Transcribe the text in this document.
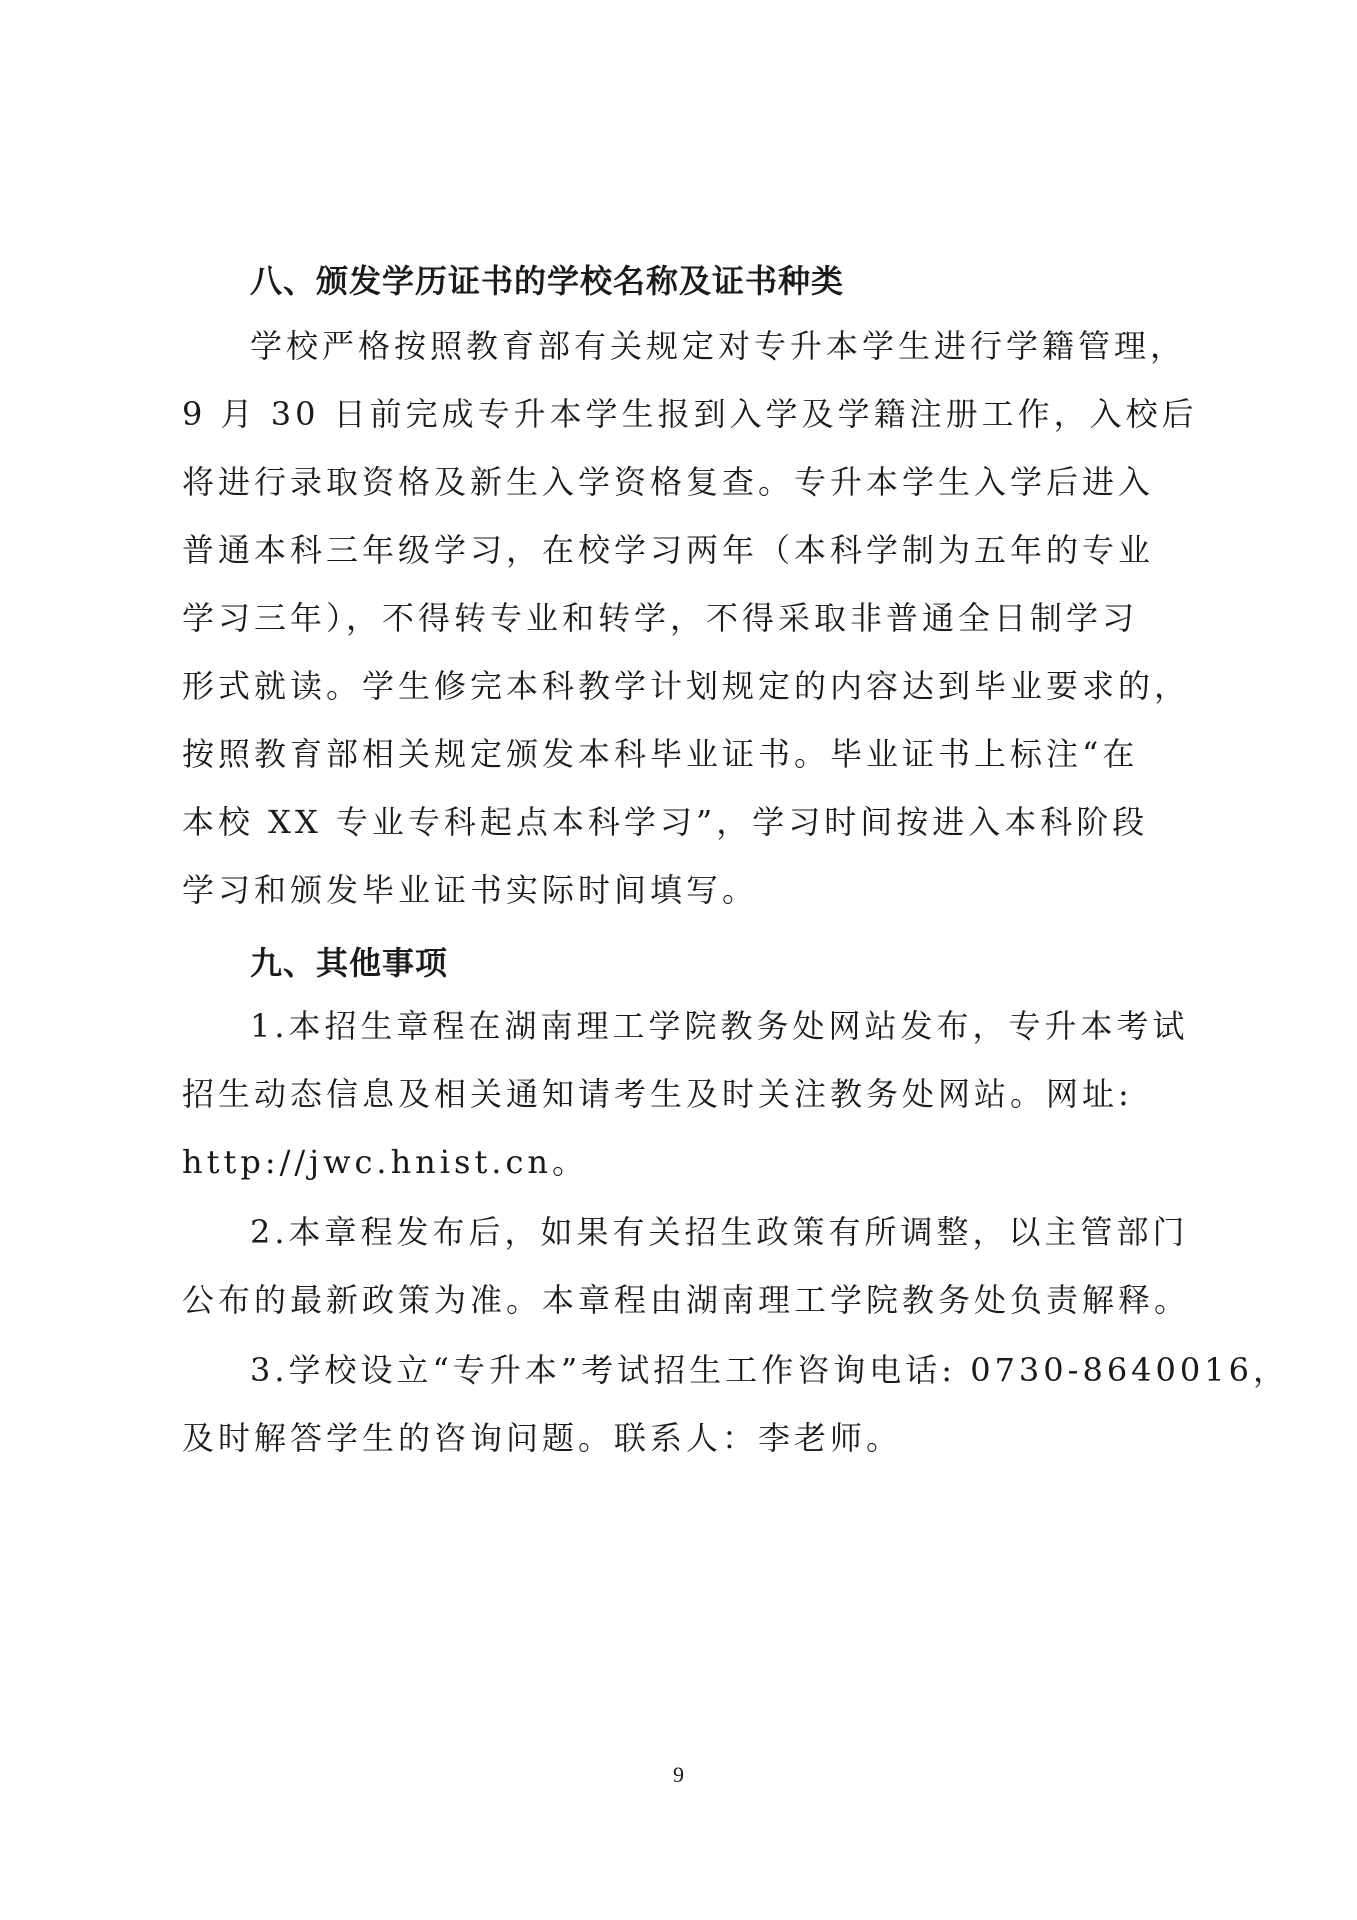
八、颁发学历证书的学校名称及证书种类
学校严格按照教育部有关规定对专升本学生进行学籍管理，
9 月 30 日前完成专升本学生报到入学及学籍注册工作，入校后
将进行录取资格及新生入学资格复查。专升本学生入学后进入
普通本科三年级学习，在校学习两年（本科学制为五年的专业
学习三年），不得转专业和转学，不得采取非普通全日制学习
形式就读。学生修完本科教学计划规定的内容达到毕业要求的，
按照教育部相关规定颁发本科毕业证书。毕业证书上标注“在
本校 XX 专业专科起点本科学习”，学习时间按进入本科阶段
学习和颁发毕业证书实际时间填写。
九、其他事项
1.本招生章程在湖南理工学院教务处网站发布，专升本考试
招生动态信息及相关通知请考生及时关注教务处网站。网址:
http://jwc.hnist.cn。
2.本章程发布后，如果有关招生政策有所调整，以主管部门
公布的最新政策为准。本章程由湖南理工学院教务处负责解释。
3.学校设立“专升本”考试招生工作咨询电话: 0730-8640016，
及时解答学生的咨询问题。联系人：李老师。
9
